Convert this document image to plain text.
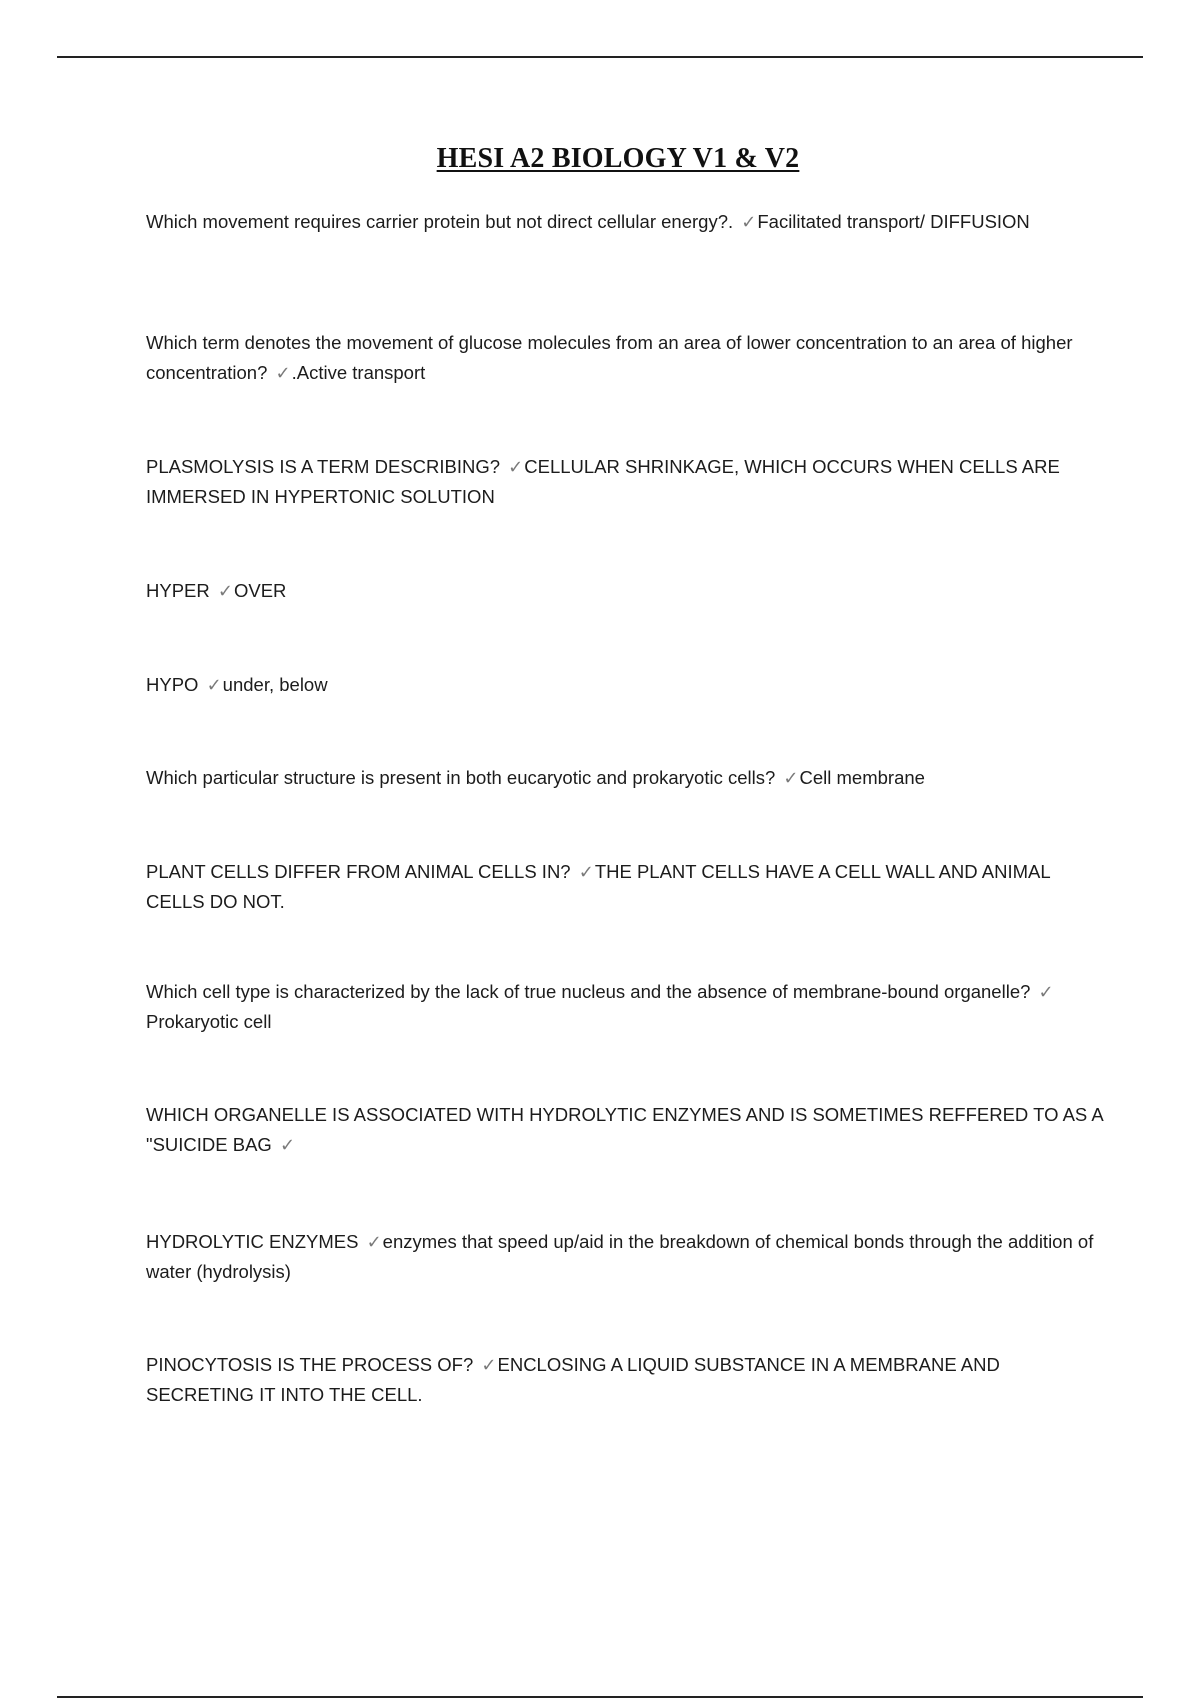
HESI A2 BIOLOGY V1 & V2
Which movement requires carrier protein but not direct cellular energy?. ✓Facilitated transport/ DIFFUSION
Which term denotes the movement of glucose molecules from an area of lower concentration to an area of higher concentration? ✓.Active transport
PLASMOLYSIS IS A TERM DESCRIBING? ✓CELLULAR SHRINKAGE, WHICH OCCURS WHEN CELLS ARE IMMERSED IN HYPERTONIC SOLUTION
HYPER ✓OVER
HYPO ✓under, below
Which particular structure is present in both eucaryotic and prokaryotic cells? ✓Cell membrane
PLANT CELLS DIFFER FROM ANIMAL CELLS IN? ✓THE PLANT CELLS HAVE A CELL WALL AND ANIMAL CELLS DO NOT.
Which cell type is characterized by the lack of true nucleus and the absence of membrane-bound organelle? ✓Prokaryotic cell
WHICH ORGANELLE IS ASSOCIATED WITH HYDROLYTIC ENZYMES AND IS SOMETIMES REFFERED TO AS A "SUICIDE BAG ✓
HYDROLYTIC ENZYMES ✓enzymes that speed up/aid in the breakdown of chemical bonds through the addition of water (hydrolysis)
PINOCYTOSIS IS THE PROCESS OF? ✓ENCLOSING A LIQUID SUBSTANCE IN A MEMBRANE AND SECRETING IT INTO THE CELL.
